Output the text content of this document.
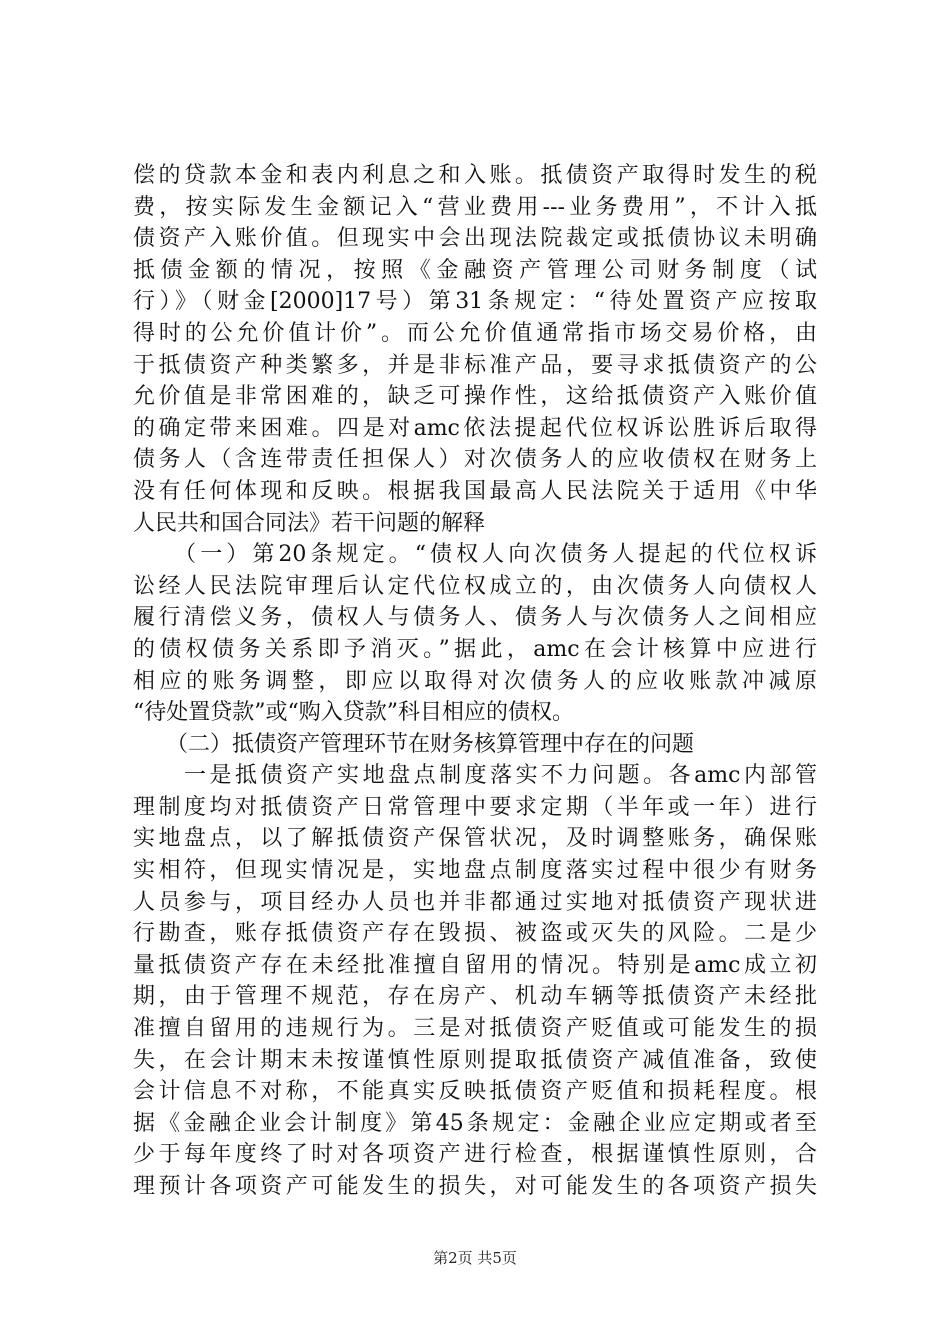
偿的贷款本金和表内利息之和入账。抵债资产取得时发生的税
费，按实际发生金额记入“营业费用---业务费用”，不计入抵
债资产入账价值。但现实中会出现法院裁定或抵债协议未明确
抵债金额的情况，按照《金融资产管理公司财务制度（试
行）》（财金[2000]17号）第31条规定：“待处置资产应按取
得时的公允价值计价”。而公允价值通常指市场交易价格，由
于抵债资产种类繁多，并是非标准产品，要寻求抵债资产的公
允价值是非常困难的，缺乏可操作性，这给抵债资产入账价值
的确定带来困难。四是对amc依法提起代位权诉讼胜诉后取得
债务人（含连带责任担保人）对次债务人的应收债权在财务上
没有任何体现和反映。根据我国最高人民法院关于适用《中华
人民共和国合同法》若干问题的解释
　　（一）第20条规定。“债权人向次债务人提起的代位权诉
讼经人民法院审理后认定代位权成立的，由次债务人向债权人
履行清偿义务，债权人与债务人、债务人与次债务人之间相应
的债权债务关系即予消灭。”据此，amc在会计核算中应进行
相应的账务调整，即应以取得对次债务人的应收账款冲减原
“待处置贷款”或“购入贷款”科目相应的债权。
　　（二）抵债资产管理环节在财务核算管理中存在的问题
　　一是抵债资产实地盘点制度落实不力问题。各amc内部管
理制度均对抵债资产日常管理中要求定期（半年或一年）进行
实地盘点，以了解抵债资产保管状况，及时调整账务，确保账
实相符，但现实情况是，实地盘点制度落实过程中很少有财务
人员参与，项目经办人员也并非都通过实地对抵债资产现状进
行勘查，账存抵债资产存在毁损、被盗或灭失的风险。二是少
量抵债资产存在未经批准擅自留用的情况。特别是amc成立初
期，由于管理不规范，存在房产、机动车辆等抵债资产未经批
准擅自留用的违规行为。三是对抵债资产贬值或可能发生的损
失，在会计期末未按谨慎性原则提取抵债资产减值准备，致使
会计信息不对称，不能真实反映抵债资产贬值和损耗程度。根
据《金融企业会计制度》第45条规定：金融企业应定期或者至
少于每年度终了时对各项资产进行检查，根据谨慎性原则，合
理预计各项资产可能发生的损失，对可能发生的各项资产损失
第2页 共5页
